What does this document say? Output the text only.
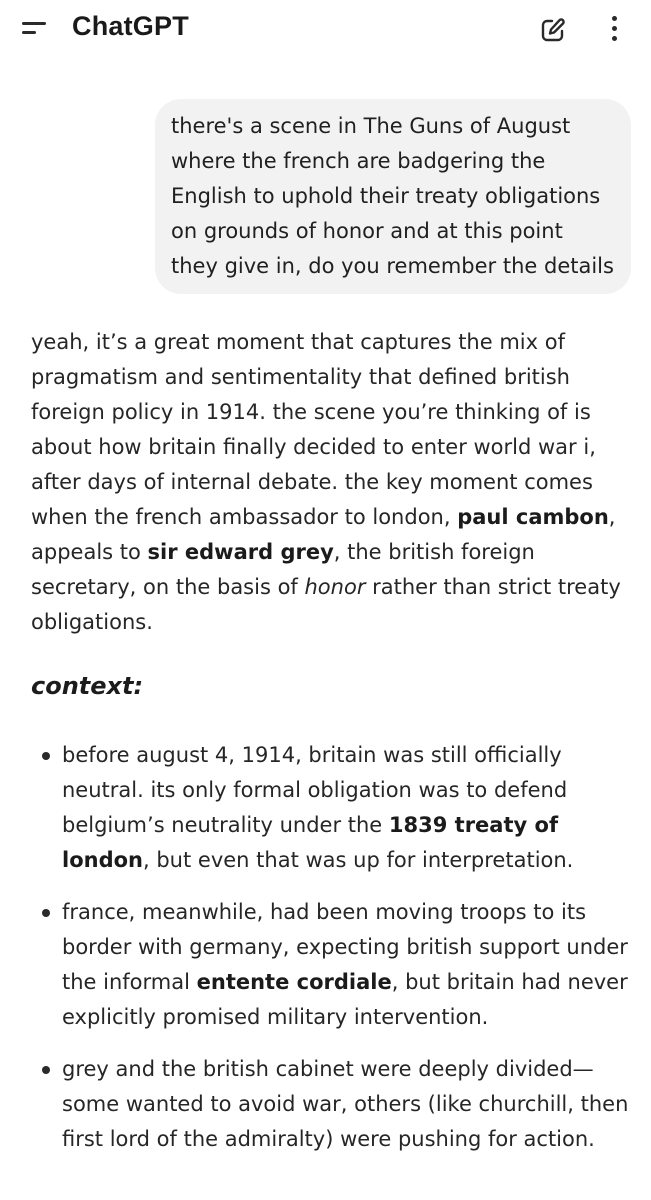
ChatGPT
there's a scene in The Guns of August where the french are badgering the English to uphold their treaty obligations on grounds of honor and at this point they give in, do you remember the details
yeah, it’s a great moment that captures the mix of pragmatism and sentimentality that defined british foreign policy in 1914. the scene you’re thinking of is about how britain finally decided to enter world war i, after days of internal debate. the key moment comes when the french ambassador to london, paul cambon, appeals to sir edward grey, the british foreign secretary, on the basis of honor rather than strict treaty obligations.
context:
before august 4, 1914, britain was still officially neutral. its only formal obligation was to defend belgium’s neutrality under the 1839 treaty of london, but even that was up for interpretation.
france, meanwhile, had been moving troops to its border with germany, expecting british support under the informal entente cordiale, but britain had never explicitly promised military intervention.
grey and the british cabinet were deeply divided—some wanted to avoid war, others (like churchill, then first lord of the admiralty) were pushing for action.
